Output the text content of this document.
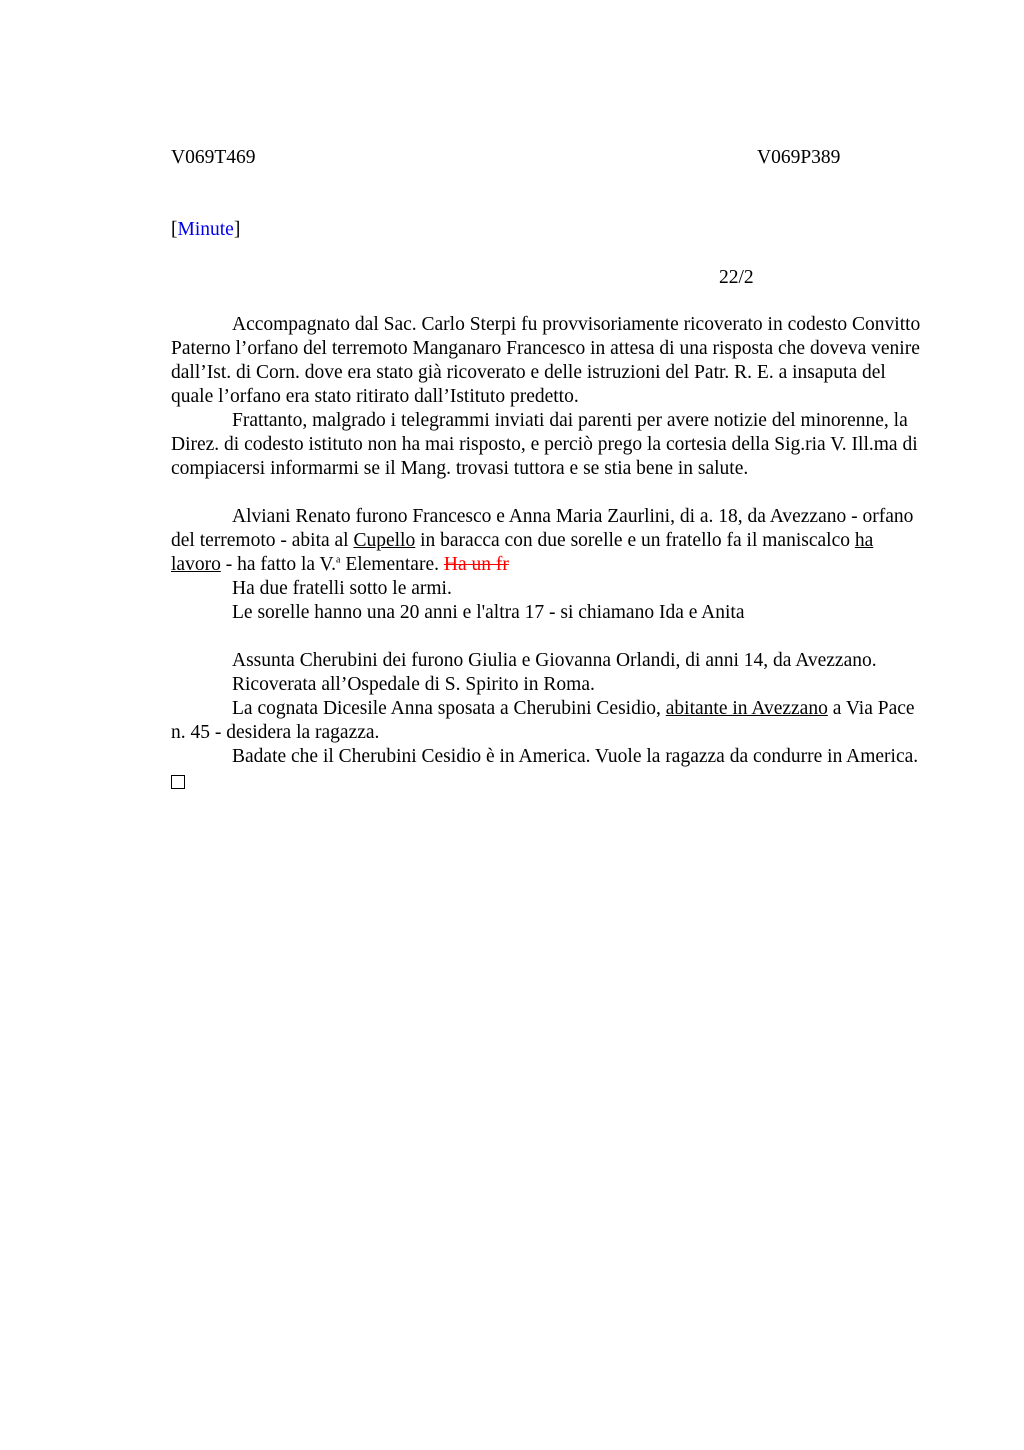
V069T469	V069P389
[Minute]
22/2

Accompagnato dal Sac. Carlo Sterpi fu provvisoriamente ricoverato in codesto Convitto Paterno l’orfano del terremoto Manganaro Francesco in attesa di una risposta che doveva venire dall’Ist. di Corn. dove era stato già ricoverato e delle istruzioni del Patr. R. E. a insaputa del quale l’orfano era stato ritirato dall’Istituto predetto.

Frattanto, malgrado i telegrammi inviati dai parenti per avere notizie del minorenne, la Direz. di codesto istituto non ha mai risposto, e perciò prego la cortesia della Sig.ria V. Ill.ma di compiacersi informarmi se il Mang. trovasi tuttora e se stia bene in salute.

Alviani Renato furono Francesco e Anna Maria Zaurlini, di a. 18, da Avezzano - orfano del terremoto - abita al Cupello in baracca con due sorelle e un fratello fa il maniscalco ha lavoro - ha fatto la V.$^a$ Elementare. Ha un fr

Ha due fratelli sotto le armi.

Le sorelle hanno una 20 anni e l'altra 17 - si chiamano Ida e Anita

Assunta Cherubini dei furono Giulia e Giovanna Orlandi, di anni 14, da Avezzano.

Ricoverata all’Ospedale di S. Spirito in Roma.

La cognata Dicesile Anna sposata a Cherubini Cesidio, abitante in Avezzano a Via Pace n. 45 - desidera la ragazza.

Badate che il Cherubini Cesidio è in America. Vuole la ragazza da condurre in America.
